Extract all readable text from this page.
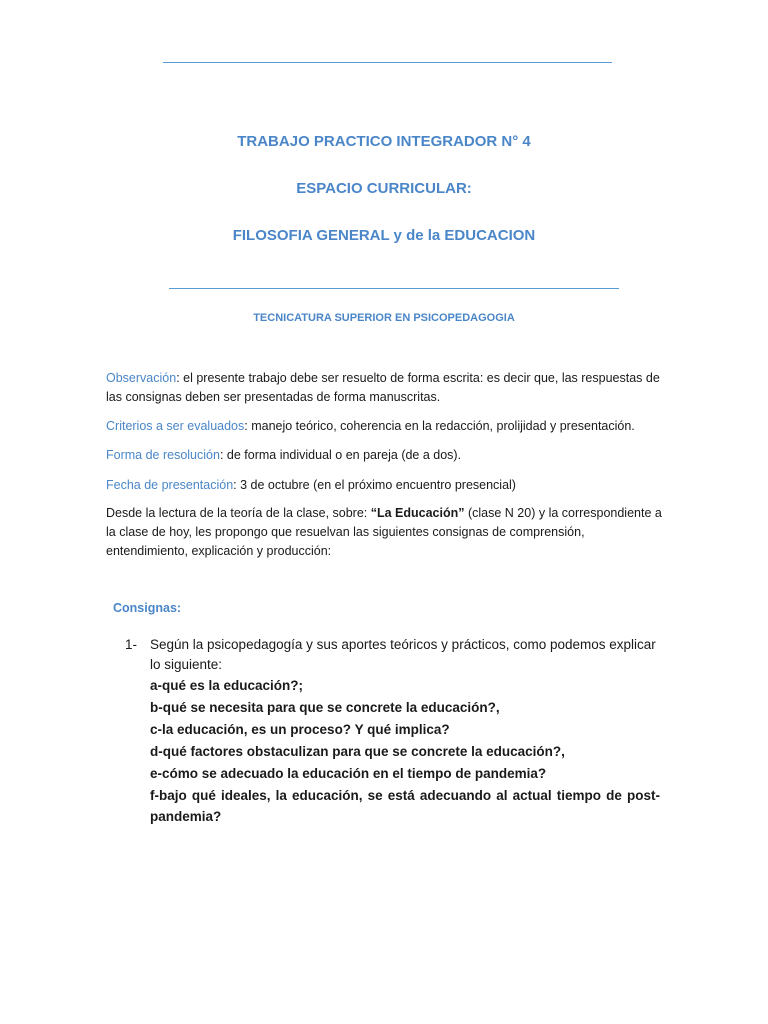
TRABAJO PRACTICO INTEGRADOR N° 4
ESPACIO CURRICULAR:
FILOSOFIA GENERAL y de la EDUCACION
TECNICATURA SUPERIOR EN PSICOPEDAGOGIA
Observación: el presente trabajo debe ser resuelto de forma escrita: es decir que, las respuestas de las consignas deben ser presentadas de forma manuscritas.
Criterios a ser evaluados: manejo teórico, coherencia en la redacción, prolijidad y presentación.
Forma de resolución: de forma individual o en pareja (de a dos).
Fecha de presentación: 3 de octubre (en el próximo encuentro presencial)
Desde la lectura de la teoría de la clase, sobre: “La Educación” (clase N 20) y la correspondiente a la clase de hoy, les propongo que resuelvan las siguientes consignas de comprensión, entendimiento, explicación y producción:
Consignas:
1- Según la psicopedagogía y sus aportes teóricos y prácticos, como podemos explicar lo siguiente:
a-qué es la educación?;
b-qué se necesita para que se concrete la educación?,
c-la educación, es un proceso? Y qué implica?
d-qué factores obstaculizan para que se concrete la educación?,
e-cómo se adecuado la educación en el tiempo de pandemia?
f-bajo qué ideales, la educación, se está adecuando al actual tiempo de post-pandemia?
